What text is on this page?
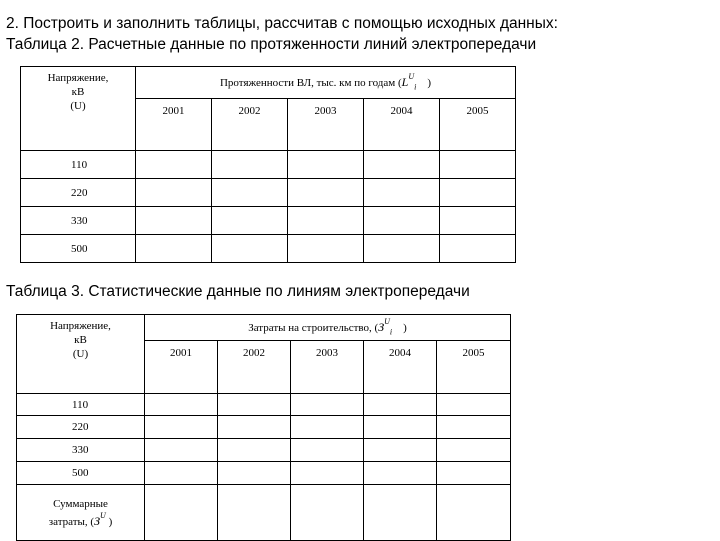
2. Построить и заполнить таблицы, рассчитав с помощью исходных данных:
Таблица 2. Расчетные данные по протяженности линий электропередачи
Напряжение,
кВ
(U)	Протяженности ВЛ, тыс. км по годам ($L^U_i$ )				
	2001	2002	2003	2004	2005
110					
220					
330					
500					
Таблица 3. Статистические данные по линиям электропередачи
Напряжение,
кВ
(U)	Затраты на строительство, ($З^U_i$ )				
	2001	2002	2003	2004	2005
110					
220					
330					
500					

Суммарные
затраты, ($З^U$ )					
